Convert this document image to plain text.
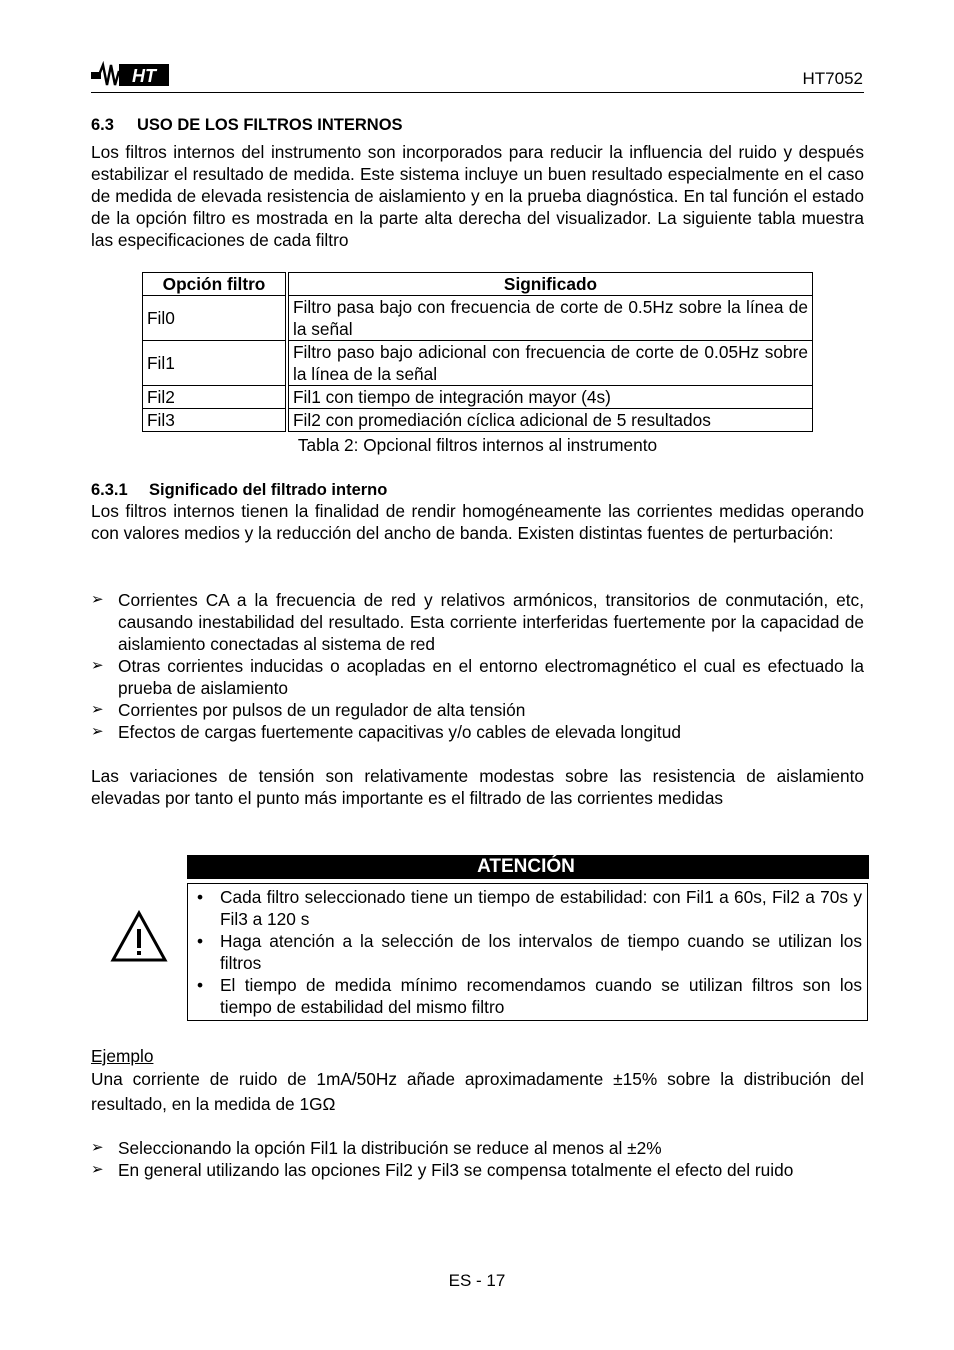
HT	HT7052
6.3 USO DE LOS FILTROS INTERNOS
Los filtros internos del instrumento son incorporados para reducir la influencia del ruido y después estabilizar el resultado de medida. Este sistema incluye un buen resultado especialmente en el caso de medida de elevada resistencia de aislamiento y en la prueba diagnóstica. En tal función el estado de la opción filtro es mostrada en la parte alta derecha del visualizador. La siguiente tabla muestra las especificaciones de cada filtro
Opción filtro		Significado
Fil0		Filtro pasa bajo con frecuencia de corte de 0.5Hz sobre la línea de la señal
Fil1		Filtro paso bajo adicional con frecuencia de corte de 0.05Hz sobre la línea de la señal
Fil2		Fil1 con tiempo de integración mayor (4s)
Fil3		Fil2 con promediación cíclica adicional de 5 resultados
Tabla 2: Opcional filtros internos al instrumento
6.3.1 Significado del filtrado interno
Los filtros internos tienen la finalidad de rendir homogéneamente las corrientes medidas operando con valores medios y la reducción del ancho de banda. Existen distintas fuentes de perturbación:
➢ Corrientes CA a la frecuencia de red y relativos armónicos, transitorios de conmutación, etc, causando inestabilidad del resultado. Esta corriente interferidas fuertemente por la capacidad de aislamiento conectadas al sistema de red
➢ Otras corrientes inducidas o acopladas en el entorno electromagnético el cual es efectuado la prueba de aislamiento
➢ Corrientes por pulsos de un regulador de alta tensión
➢ Efectos de cargas fuertemente capacitivas y/o cables de elevada longitud
Las variaciones de tensión son relativamente modestas sobre las resistencia de aislamiento elevadas por tanto el punto más importante es el filtrado de las corrientes medidas
ATENCIÓN
• Cada filtro seleccionado tiene un tiempo de estabilidad: con Fil1 a 60s, Fil2 a 70s y Fil3 a 120 s
• Haga atención a la selección de los intervalos de tiempo cuando se utilizan los filtros
• El tiempo de medida mínimo recomendamos cuando se utilizan filtros son los tiempo de estabilidad del mismo filtro
Ejemplo
Una corriente de ruido de 1mA/50Hz añade aproximadamente ±15% sobre la distribución del resultado, en la medida de 1GΩ
➢ Seleccionando la opción Fil1 la distribución se reduce al menos al ±2%
➢ En general utilizando las opciones Fil2 y Fil3 se compensa totalmente el efecto del ruido
ES - 17
